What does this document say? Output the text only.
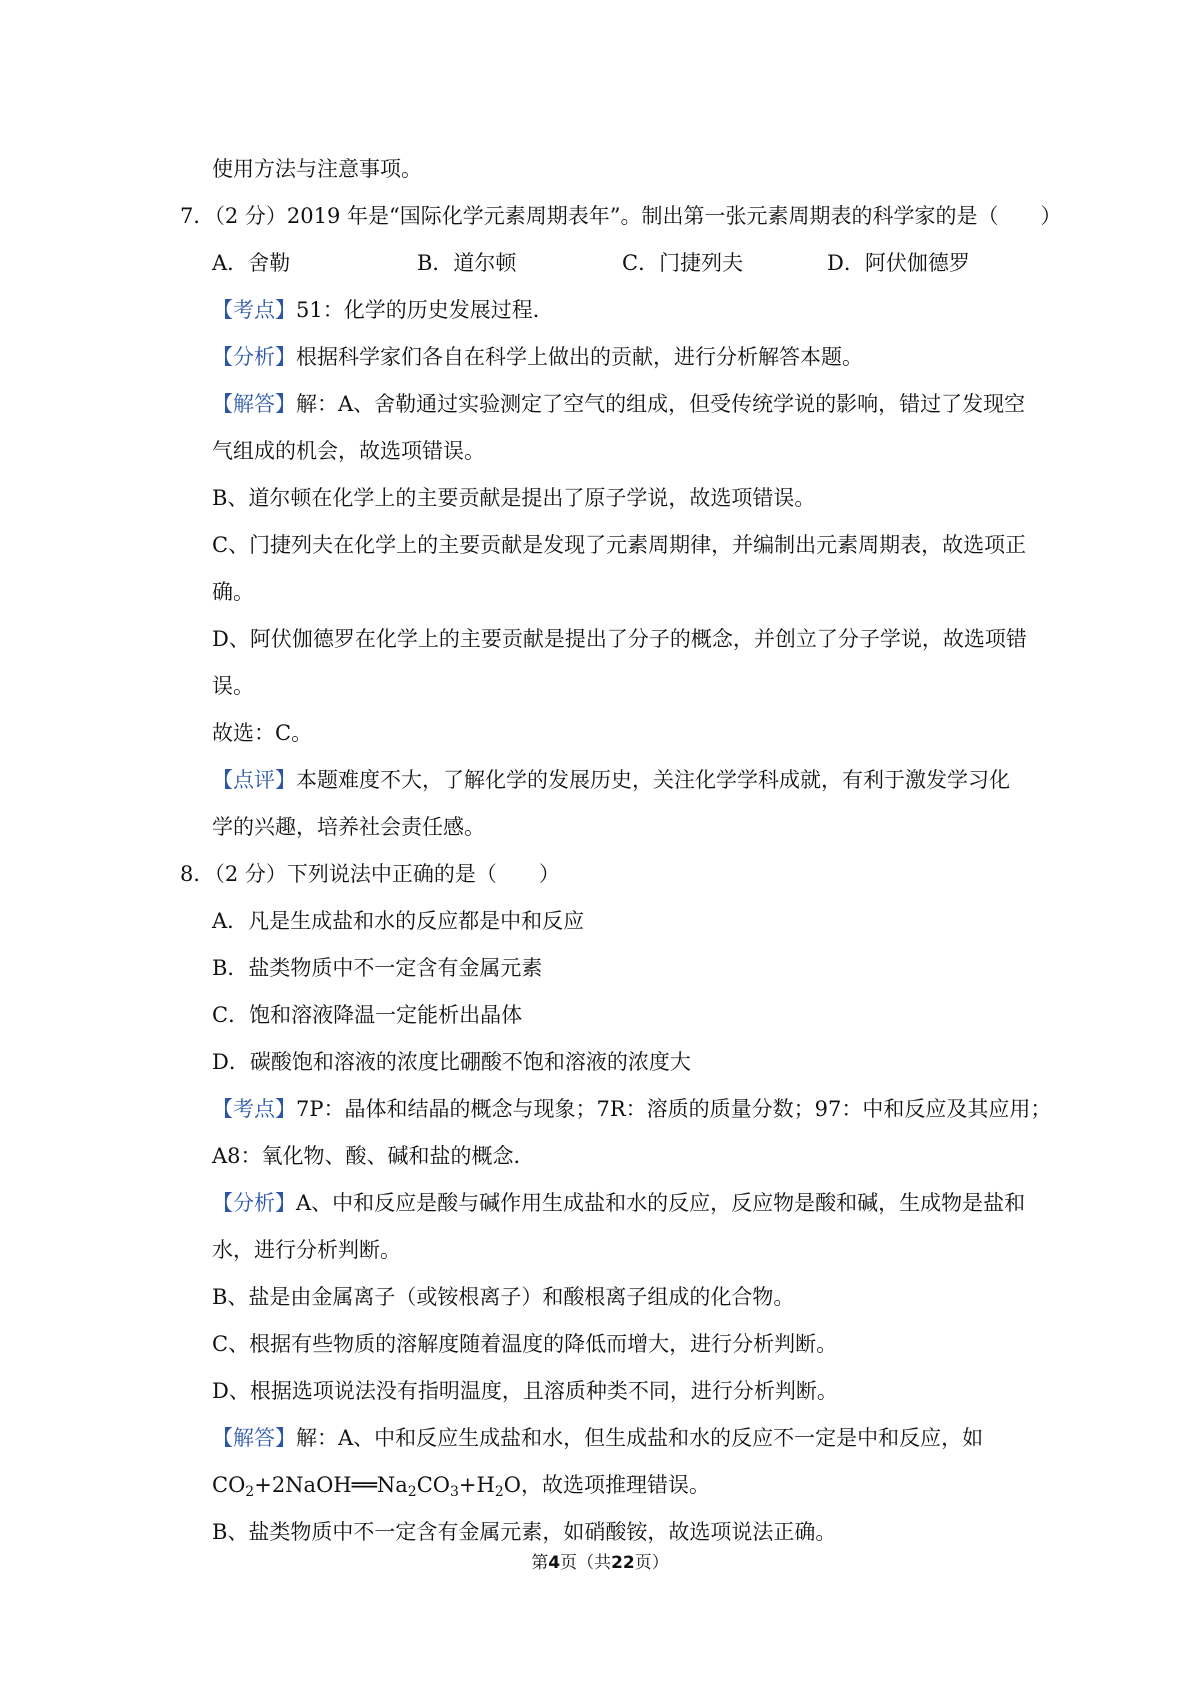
使用方法与注意事项。
7．（2 分）2019 年是“国际化学元素周期表年”。制出第一张元素周期表的科学家的是（　　）
A．舍勒	B．道尔顿	C．门捷列夫	D．阿伏伽德罗
【考点】51：化学的历史发展过程．
【分析】根据科学家们各自在科学上做出的贡献，进行分析解答本题。
【解答】解：A、舍勒通过实验测定了空气的组成，但受传统学说的影响，错过了发现空
气组成的机会，故选项错误。
B、道尔顿在化学上的主要贡献是提出了原子学说，故选项错误。
C、门捷列夫在化学上的主要贡献是发现了元素周期律，并编制出元素周期表，故选项正
确。
D、阿伏伽德罗在化学上的主要贡献是提出了分子的概念，并创立了分子学说，故选项错
误。
故选：C。
【点评】本题难度不大，了解化学的发展历史，关注化学学科成就，有利于激发学习化
学的兴趣，培养社会责任感。
8．（2 分）下列说法中正确的是（　　）
A．凡是生成盐和水的反应都是中和反应
B．盐类物质中不一定含有金属元素
C．饱和溶液降温一定能析出晶体
D．碳酸饱和溶液的浓度比硼酸不饱和溶液的浓度大
【考点】7P：晶体和结晶的概念与现象；7R：溶质的质量分数；97：中和反应及其应用；
A8：氧化物、酸、碱和盐的概念．
【分析】A、中和反应是酸与碱作用生成盐和水的反应，反应物是酸和碱，生成物是盐和
水，进行分析判断。
B、盐是由金属离子（或铵根离子）和酸根离子组成的化合物。
C、根据有些物质的溶解度随着温度的降低而增大，进行分析判断。
D、根据选项说法没有指明温度，且溶质种类不同，进行分析判断。
【解答】解：A、中和反应生成盐和水，但生成盐和水的反应不一定是中和反应，如
$CO_2+2NaOH══Na_2CO_3+H_2O$，故选项推理错误。
B、盐类物质中不一定含有金属元素，如硝酸铵，故选项说法正确。
第4页（共22页）
